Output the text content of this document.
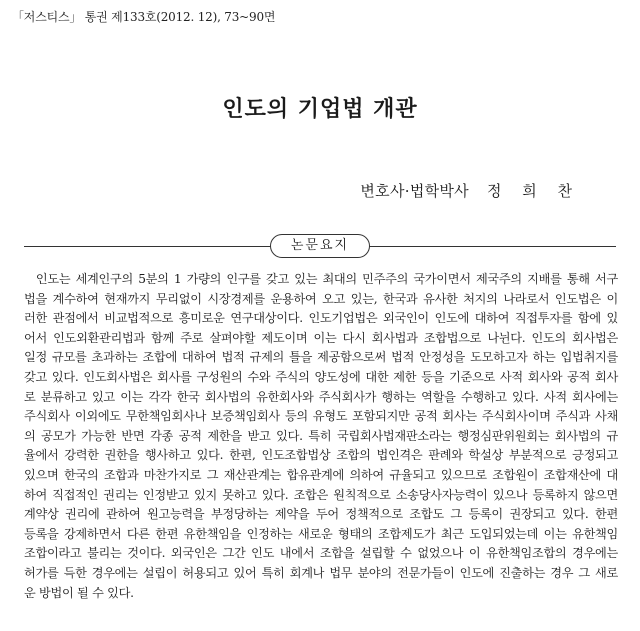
「저스티스」 통권 제133호(2012. 12), 73~90면
인도의 기업법 개관
변호사·법학박사 정 희 찬
논문요지
 인도는 세계인구의 5분의 1 가량의 인구를 갖고 있는 최대의 민주주의 국가이면서 제국주의 지배를 통해 서구
법을 계수하여 현재까지 무리없이 시장경제를 운용하여 오고 있는, 한국과 유사한 처지의 나라로서 인도법은 이
러한 관점에서 비교법적으로 흥미로운 연구대상이다. 인도기업법은 외국인이 인도에 대하여 직접투자를 함에 있
어서 인도외환관리법과 함께 주로 살펴야할 제도이며 이는 다시 회사법과 조합법으로 나뉜다. 인도의 회사법은
일정 규모를 초과하는 조합에 대하여 법적 규제의 틀을 제공함으로써 법적 안정성을 도모하고자 하는 입법취지를
갖고 있다. 인도회사법은 회사를 구성원의 수와 주식의 양도성에 대한 제한 등을 기준으로 사적 회사와 공적 회사
로 분류하고 있고 이는 각각 한국 회사법의 유한회사와 주식회사가 행하는 역할을 수행하고 있다. 사적 회사에는
주식회사 이외에도 무한책임회사나 보증책임회사 등의 유형도 포함되지만 공적 회사는 주식회사이며 주식과 사채
의 공모가 가능한 반면 각종 공적 제한을 받고 있다. 특히 국립회사법재판소라는 행정심판위원회는 회사법의 규
율에서 강력한 권한을 행사하고 있다. 한편, 인도조합법상 조합의 법인격은 판례와 학설상 부분적으로 긍정되고
있으며 한국의 조합과 마찬가지로 그 재산관계는 합유관계에 의하여 규율되고 있으므로 조합원이 조합재산에 대
하여 직접적인 권리는 인정받고 있지 못하고 있다. 조합은 원칙적으로 소송당사자능력이 있으나 등록하지 않으면
계약상 권리에 관하여 원고능력을 부정당하는 제약을 두어 정책적으로 조합도 그 등록이 권장되고 있다. 한편
등록을 강제하면서 다른 한편 유한책임을 인정하는 새로운 형태의 조합제도가 최근 도입되었는데 이는 유한책임
조합이라고 불리는 것이다. 외국인은 그간 인도 내에서 조합을 설립할 수 없었으나 이 유한책임조합의 경우에는
허가를 득한 경우에는 설립이 허용되고 있어 특히 회계나 법무 분야의 전문가들이 인도에 진출하는 경우 그 새로
운 방법이 될 수 있다.
